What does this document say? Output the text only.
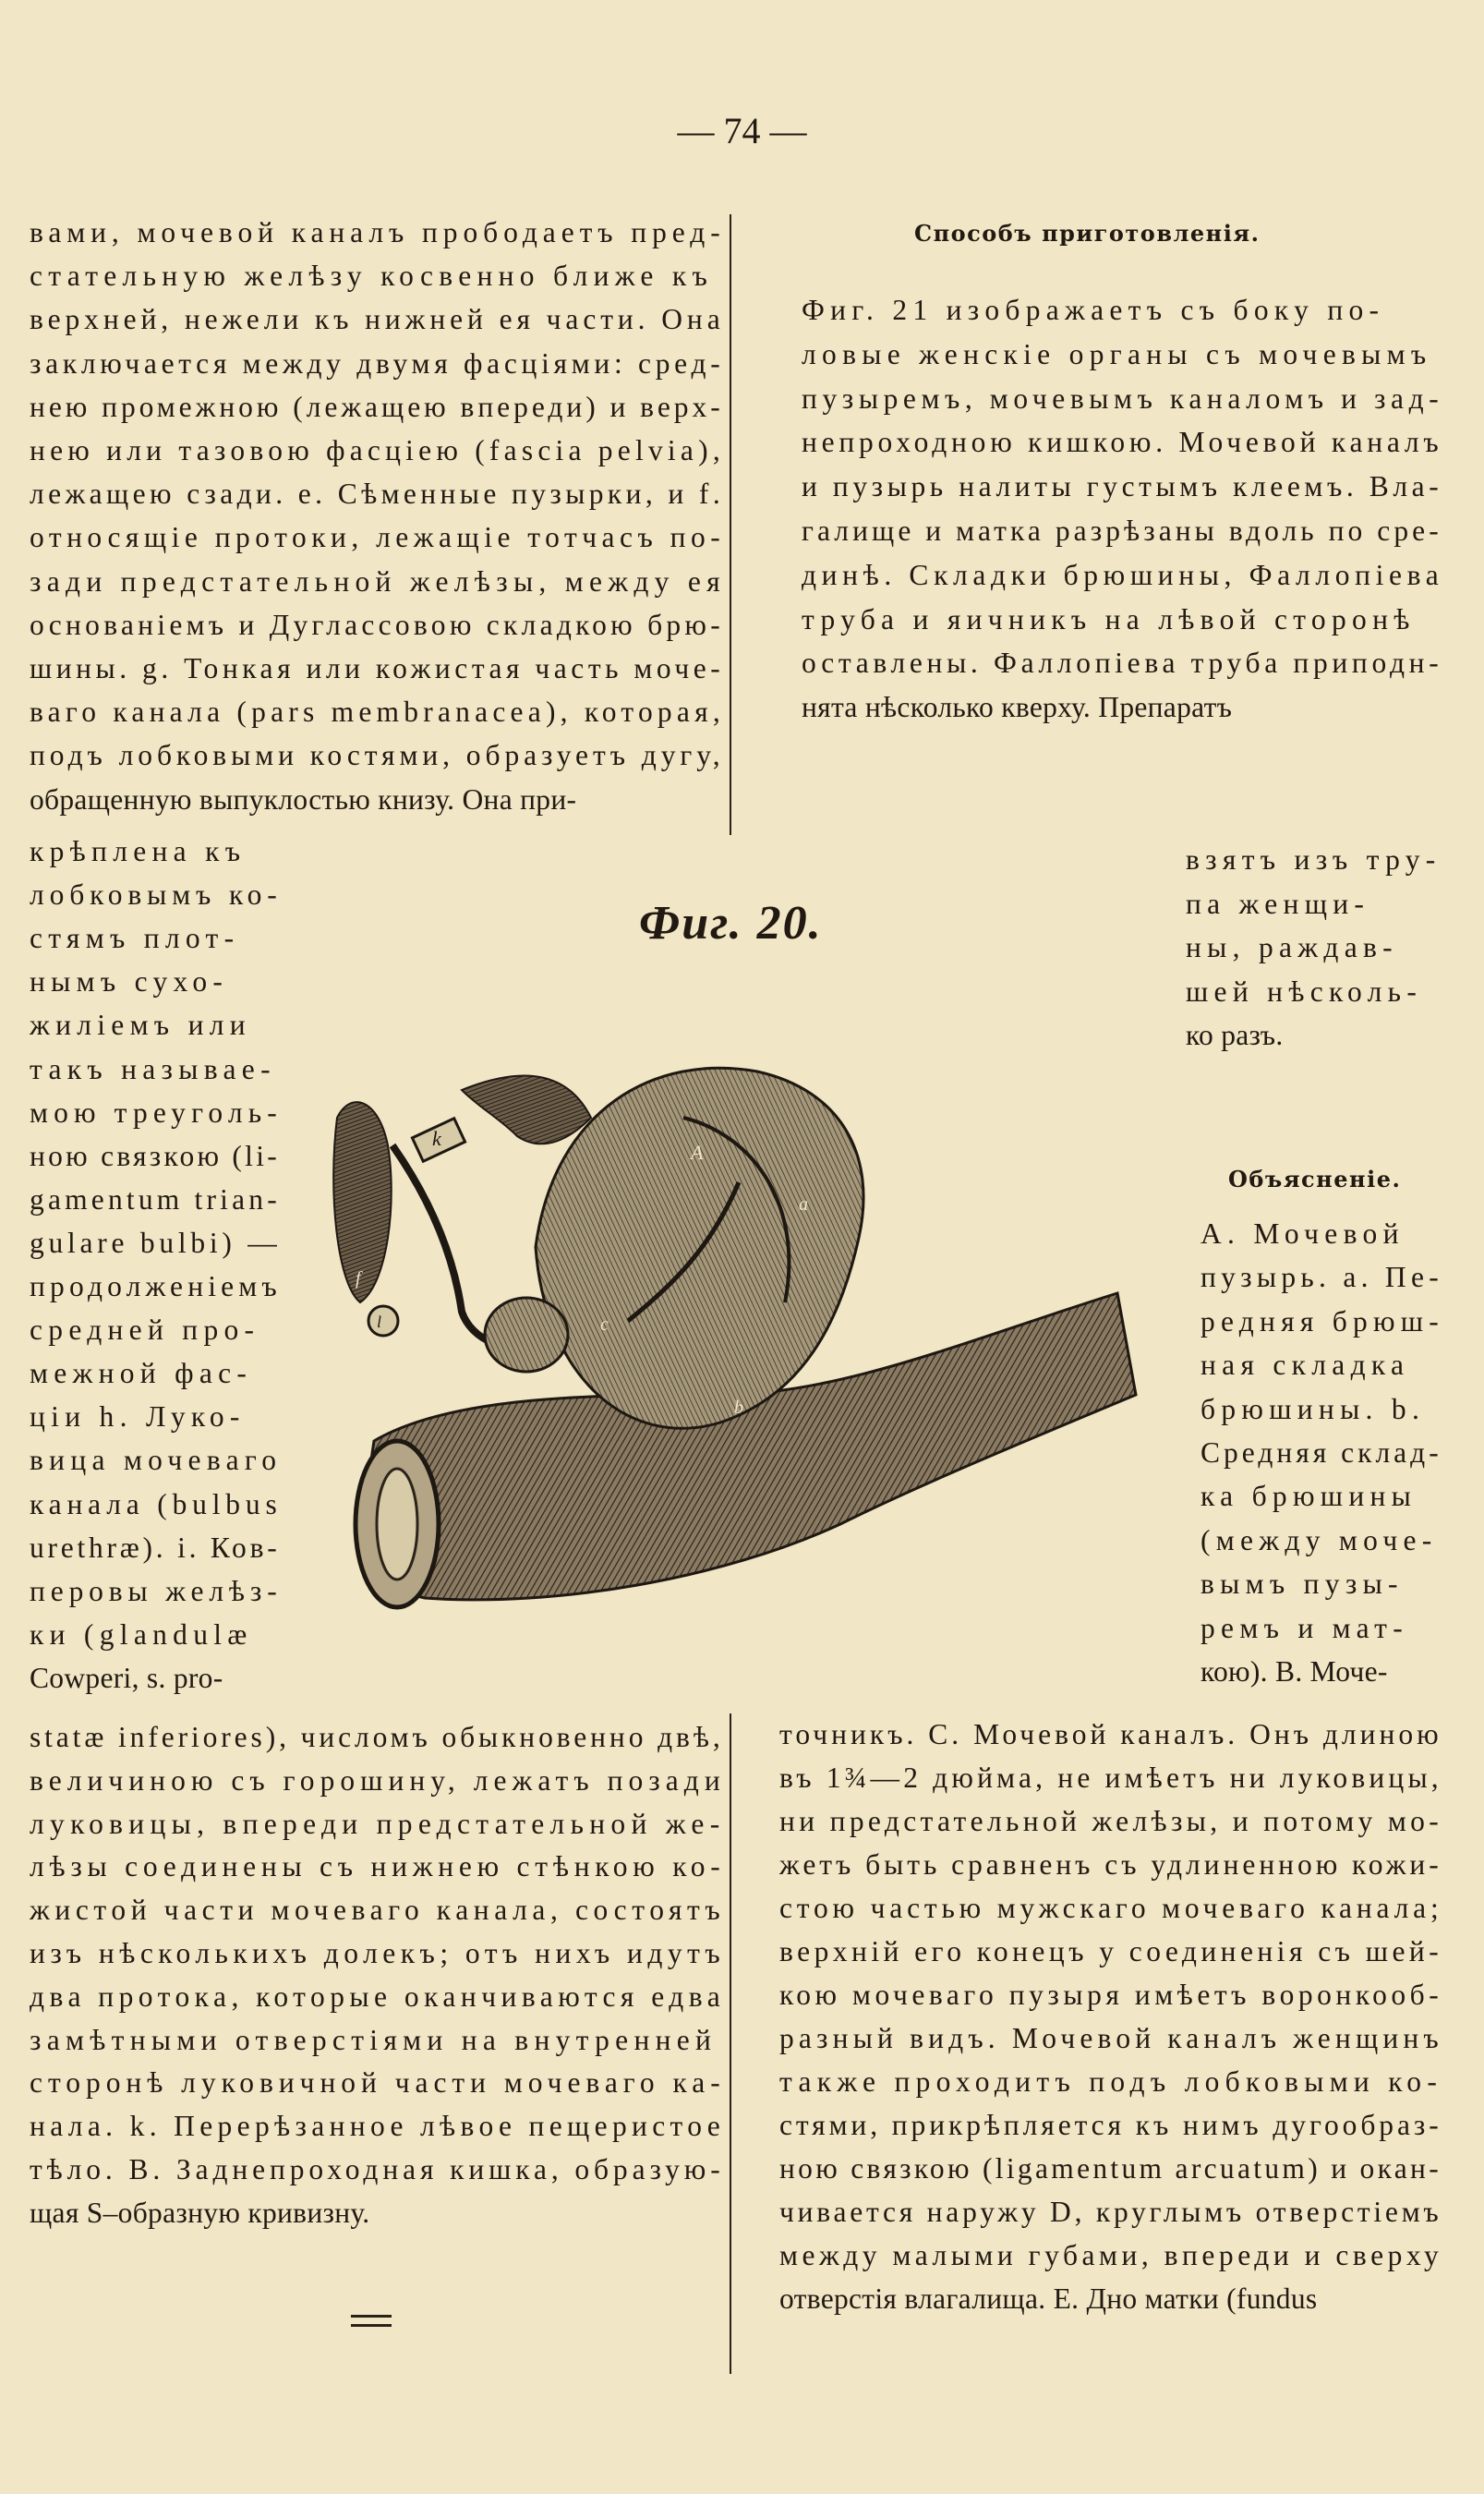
— 74 —
вами, мочевой каналъ прободаетъ пред-
стательную желѣзу косвенно ближе къ
верхней, нежели къ нижней ея части. Она
заключается между двумя фасціями: сред-
нею промежною (лежащею впереди) и верх-
нею или тазовою фасціею (fascia pelvia),
лежащею сзади. e. Сѣменные пузырки, и f.
относящіе протоки, лежащіе тотчасъ по-
зади предстательной желѣзы, между ея
основаніемъ и Дугласcовою складкою брю-
шины. g. Тонкая или кожистая часть моче-
ваго канала (pars membranacea), которая,
подъ лобковыми костями, образуетъ дугу,
обращенную выпуклостью книзу. Она при-
крѣплена къ
лобковымъ ко-
стямъ плот-
нымъ сухо-
жиліемъ или
такъ называе-
мою треуголь-
ною связкою (li-
gamentum trian-
gulare bulbi) —
продолженіемъ
средней про-
межной фас-
ціи h. Луко-
вица мочеваго
канала (bulbus
urethræ). i. Ков-
перовы желѣз-
ки (glandulæ
Cowperi, s. pro-
statæ inferiores), числомъ обыкновенно двѣ,
величиною съ горошину, лежатъ позади
луковицы, впереди предстательной же-
лѣзы соединены съ нижнею стѣнкою ко-
жистой части мочеваго канала, состоятъ
изъ нѣсколькихъ долекъ; отъ нихъ идутъ
два протока, которые оканчиваются едва
замѣтными отверстіями на внутренней
сторонѣ луковичной части мочеваго ка-
нала. k. Перерѣзанное лѣвое пещеристое
тѣло. B. Заднепроходная кишка, образую-
щая S–образную кривизну.
Способъ приготовленія.
Фиг. 21 изображаетъ съ боку по-
ловые женскіе органы съ мочевымъ
пузыремъ, мочевымъ каналомъ и зад-
непроходною кишкою. Мочевой каналъ
и пузырь налиты густымъ клеемъ. Вла-
галище и матка разрѣзаны вдоль по сре-
динѣ. Складки брюшины, Фаллопіева
труба и яичникъ на лѣвой сторонѣ
оставлены. Фаллопіева труба приподн-
нята нѣсколько кверху. Препаратъ
взятъ изъ тру-
па женщи-
ны, раждав-
шей нѣсколь-
ко разъ.
Объясненіе.
A. Мочевой
пузырь. a. Пе-
редняя брюш-
ная складка
брюшины. b.
Средняя склад-
ка брюшины
(между моче-
вымъ пузы-
ремъ и мат-
кою). B. Моче-
точникъ. C. Мочевой каналъ. Онъ длиною
въ 1¾—2 дюйма, не имѣетъ ни луковицы,
ни предстательной желѣзы, и потому мо-
жетъ быть сравненъ съ удлиненною кожи-
стою частью мужскаго мочеваго канала;
верхній его конецъ у соединенія съ шей-
кою мочеваго пузыря имѣетъ воронкооб-
разный видъ. Мочевой каналъ женщинъ
также проходитъ подъ лобковыми ко-
стями, прикрѣпляется къ нимъ дугообраз-
ною связкою (ligamentum arcuatum) и окан-
чивается наружу D, круглымъ отверстіемъ
между малыми губами, впереди и сверху
отверстія влагалища. E. Дно матки (fundus
Фиг. 20.
A
k
f
c
b
l
a
